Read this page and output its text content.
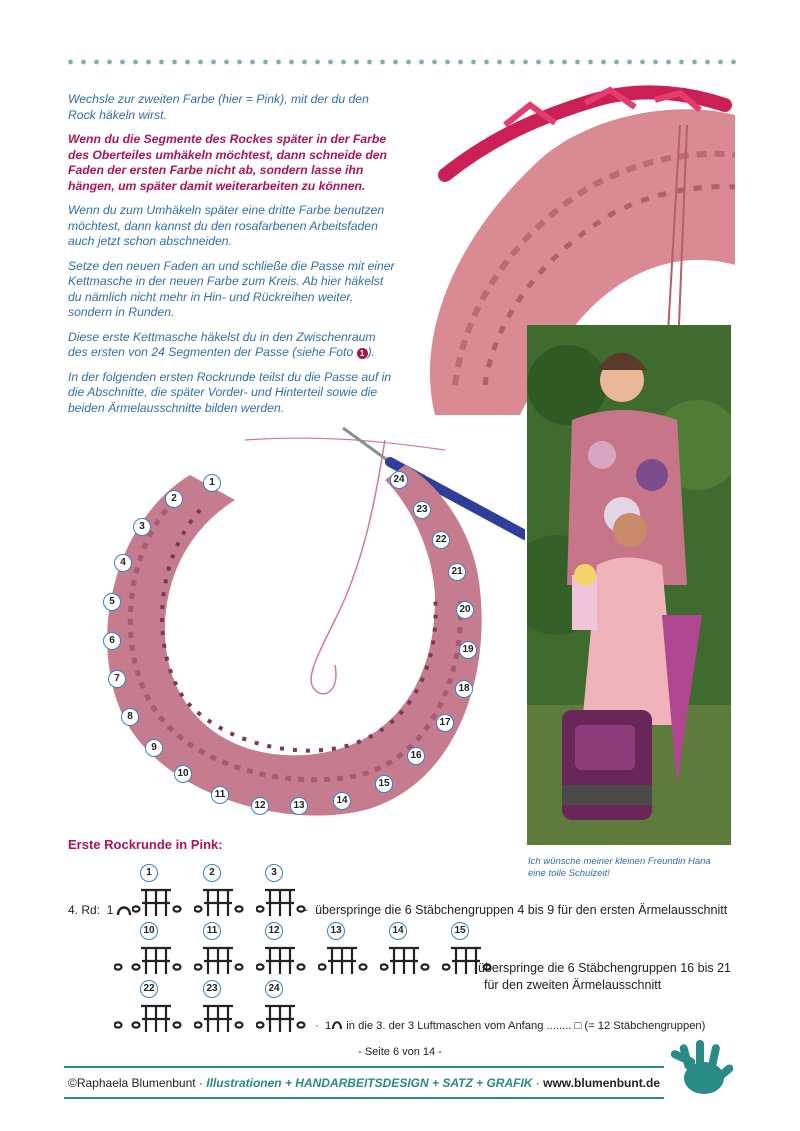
Wechsle zur zweiten Farbe (hier = Pink), mit der du den Rock häkeln wirst.

Wenn du die Segmente des Rockes später in der Farbe des Oberteiles umhäkeln möchtest, dann schneide den Faden der ersten Farbe nicht ab, sondern lasse ihn hängen, um später damit weiterarbeiten zu können.

Wenn du zum Umhäkeln später eine dritte Farbe benutzen möchtest, dann kannst du den rosafarbenen Arbeitsfaden auch jetzt schon abschneiden.

Setze den neuen Faden an und schließe die Passe mit einer Kettmasche in der neuen Farbe zum Kreis. Ab hier häkelst du nämlich nicht mehr in Hin- und Rückreihen weiter, sondern in Runden.

Diese erste Kettmasche häkelst du in den Zwischenraum des ersten von 24 Segmenten der Passe (siehe Foto 1 ).

In der folgenden ersten Rockrunde teilst du die Passe auf in die Abschnitte, die später Vorder- und Hinterteil sowie die beiden Ärmelausschnitte bilden werden.

1
2
3
4
5
6
7
8
9
10
11
12	13	14
15
16
17
18
19
20
21
22
23
24
Ich wünsche meiner kleinen Freundin Hana eine tolle Schulzeit!
Erste Rockrunde in Pink:
4. Rd: 1
1	2	3
·  überspringe die 6 Stäbchengruppen 4 bis 9 für den ersten Ärmelausschnitt
10	11	12	13	14	15
überspringe die 6 Stäbchengruppen 16 bis 21
für den zweiten Ärmelausschnitt
22	23	24
·  1 in die 3. der 3 Luftmaschen vom Anfang ........ □ (= 12 Stäbchengruppen)
- Seite 6 von 14 -
©Raphaela Blumenbunt · Illustrationen + HANDARBEITSDESIGN + SATZ + GRAFIK · www.blumenbunt.de
